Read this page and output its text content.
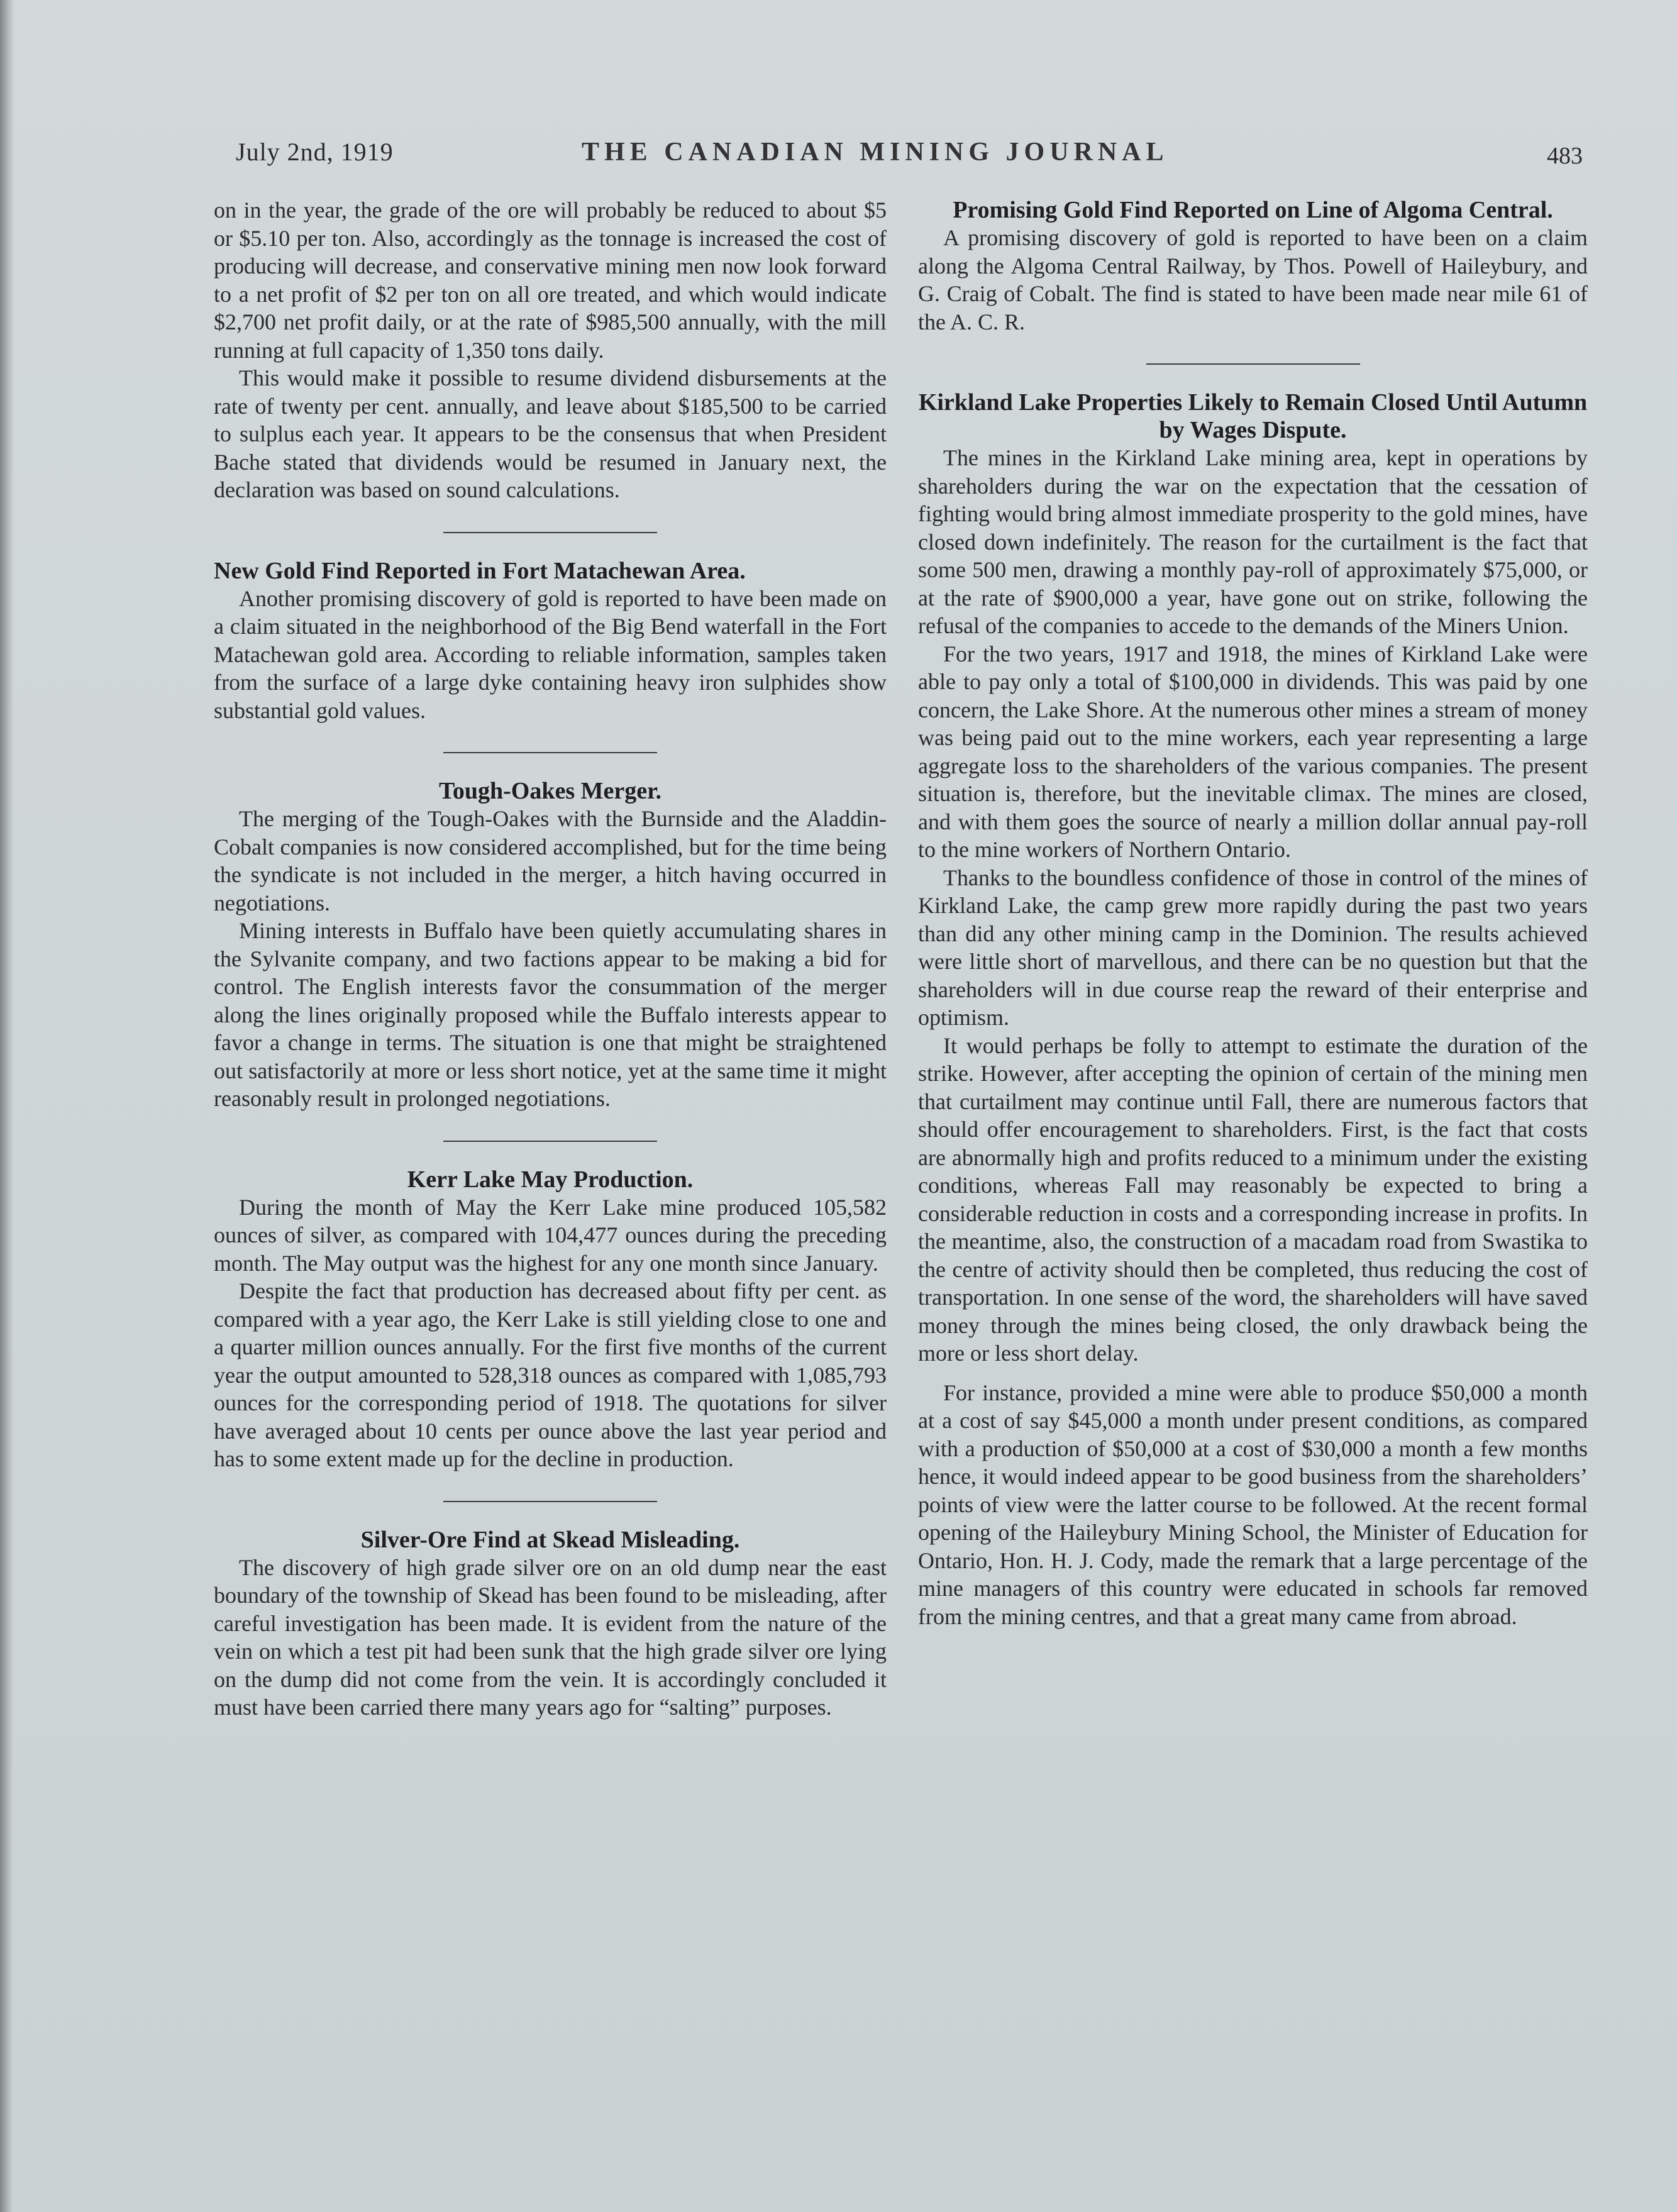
July 2nd, 1919	THE CANADIAN MINING JOURNAL	483

on in the year, the grade of the ore will probably be reduced to about $5 or $5.10 per ton. Also, accordingly as the tonnage is increased the cost of producing will decrease, and conservative mining men now look forward to a net profit of $2 per ton on all ore treated, and which would indicate $2,700 net profit daily, or at the rate of $985,500 annually, with the mill running at full capacity of 1,350 tons daily.

This would make it possible to resume dividend disbursements at the rate of twenty per cent. annually, and leave about $185,500 to be carried to sulplus each year. It appears to be the consensus that when President Bache stated that dividends would be resumed in January next, the declaration was based on sound calculations.

New Gold Find Reported in Fort Matachewan Area.

Another promising discovery of gold is reported to have been made on a claim situated in the neighborhood of the Big Bend waterfall in the Fort Matachewan gold area. According to reliable information, samples taken from the surface of a large dyke containing heavy iron sulphides show substantial gold values.

Tough-Oakes Merger.

The merging of the Tough-Oakes with the Burnside and the Aladdin-Cobalt companies is now considered accomplished, but for the time being the syndicate is not included in the merger, a hitch having occurred in negotiations.

Mining interests in Buffalo have been quietly accumulating shares in the Sylvanite company, and two factions appear to be making a bid for control. The English interests favor the consummation of the merger along the lines originally proposed while the Buffalo interests appear to favor a change in terms. The situation is one that might be straightened out satisfactorily at more or less short notice, yet at the same time it might reasonably result in prolonged negotiations.

Kerr Lake May Production.

During the month of May the Kerr Lake mine produced 105,582 ounces of silver, as compared with 104,477 ounces during the preceding month. The May output was the highest for any one month since January.

Despite the fact that production has decreased about fifty per cent. as compared with a year ago, the Kerr Lake is still yielding close to one and a quarter million ounces annually. For the first five months of the current year the output amounted to 528,318 ounces as compared with 1,085,793 ounces for the corresponding period of 1918. The quotations for silver have averaged about 10 cents per ounce above the last year period and has to some extent made up for the decline in production.

Silver-Ore Find at Skead Misleading.

The discovery of high grade silver ore on an old dump near the east boundary of the township of Skead has been found to be misleading, after careful investigation has been made. It is evident from the nature of the vein on which a test pit had been sunk that the high grade silver ore lying on the dump did not come from the vein. It is accordingly concluded it must have been carried there many years ago for “salting” purposes.

Promising Gold Find Reported on Line of Algoma Central.

A promising discovery of gold is reported to have been on a claim along the Algoma Central Railway, by Thos. Powell of Haileybury, and G. Craig of Cobalt. The find is stated to have been made near mile 61 of the A. C. R.

Kirkland Lake Properties Likely to Remain Closed Until Autumn by Wages Dispute.

The mines in the Kirkland Lake mining area, kept in operations by shareholders during the war on the expectation that the cessation of fighting would bring almost immediate prosperity to the gold mines, have closed down indefinitely. The reason for the curtailment is the fact that some 500 men, drawing a monthly pay-roll of approximately $75,000, or at the rate of $900,000 a year, have gone out on strike, following the refusal of the companies to accede to the demands of the Miners Union.

For the two years, 1917 and 1918, the mines of Kirkland Lake were able to pay only a total of $100,000 in dividends. This was paid by one concern, the Lake Shore. At the numerous other mines a stream of money was being paid out to the mine workers, each year representing a large aggregate loss to the shareholders of the various companies. The present situation is, therefore, but the inevitable climax. The mines are closed, and with them goes the source of nearly a million dollar annual pay-roll to the mine workers of Northern Ontario.

Thanks to the boundless confidence of those in control of the mines of Kirkland Lake, the camp grew more rapidly during the past two years than did any other mining camp in the Dominion. The results achieved were little short of marvellous, and there can be no question but that the shareholders will in due course reap the reward of their enterprise and optimism.

It would perhaps be folly to attempt to estimate the duration of the strike. However, after accepting the opinion of certain of the mining men that curtailment may continue until Fall, there are numerous factors that should offer encouragement to shareholders. First, is the fact that costs are abnormally high and profits reduced to a minimum under the existing conditions, whereas Fall may reasonably be expected to bring a considerable reduction in costs and a corresponding increase in profits. In the meantime, also, the construction of a macadam road from Swastika to the centre of activity should then be completed, thus reducing the cost of transportation. In one sense of the word, the shareholders will have saved money through the mines being closed, the only drawback being the more or less short delay.

For instance, provided a mine were able to produce $50,000 a month at a cost of say $45,000 a month under present conditions, as compared with a production of $50,000 at a cost of $30,000 a month a few months hence, it would indeed appear to be good business from the shareholders’ points of view were the latter course to be followed. At the recent formal opening of the Haileybury Mining School, the Minister of Education for Ontario, Hon. H. J. Cody, made the remark that a large percentage of the mine managers of this country were educated in schools far removed from the mining centres, and that a great many came from abroad.
